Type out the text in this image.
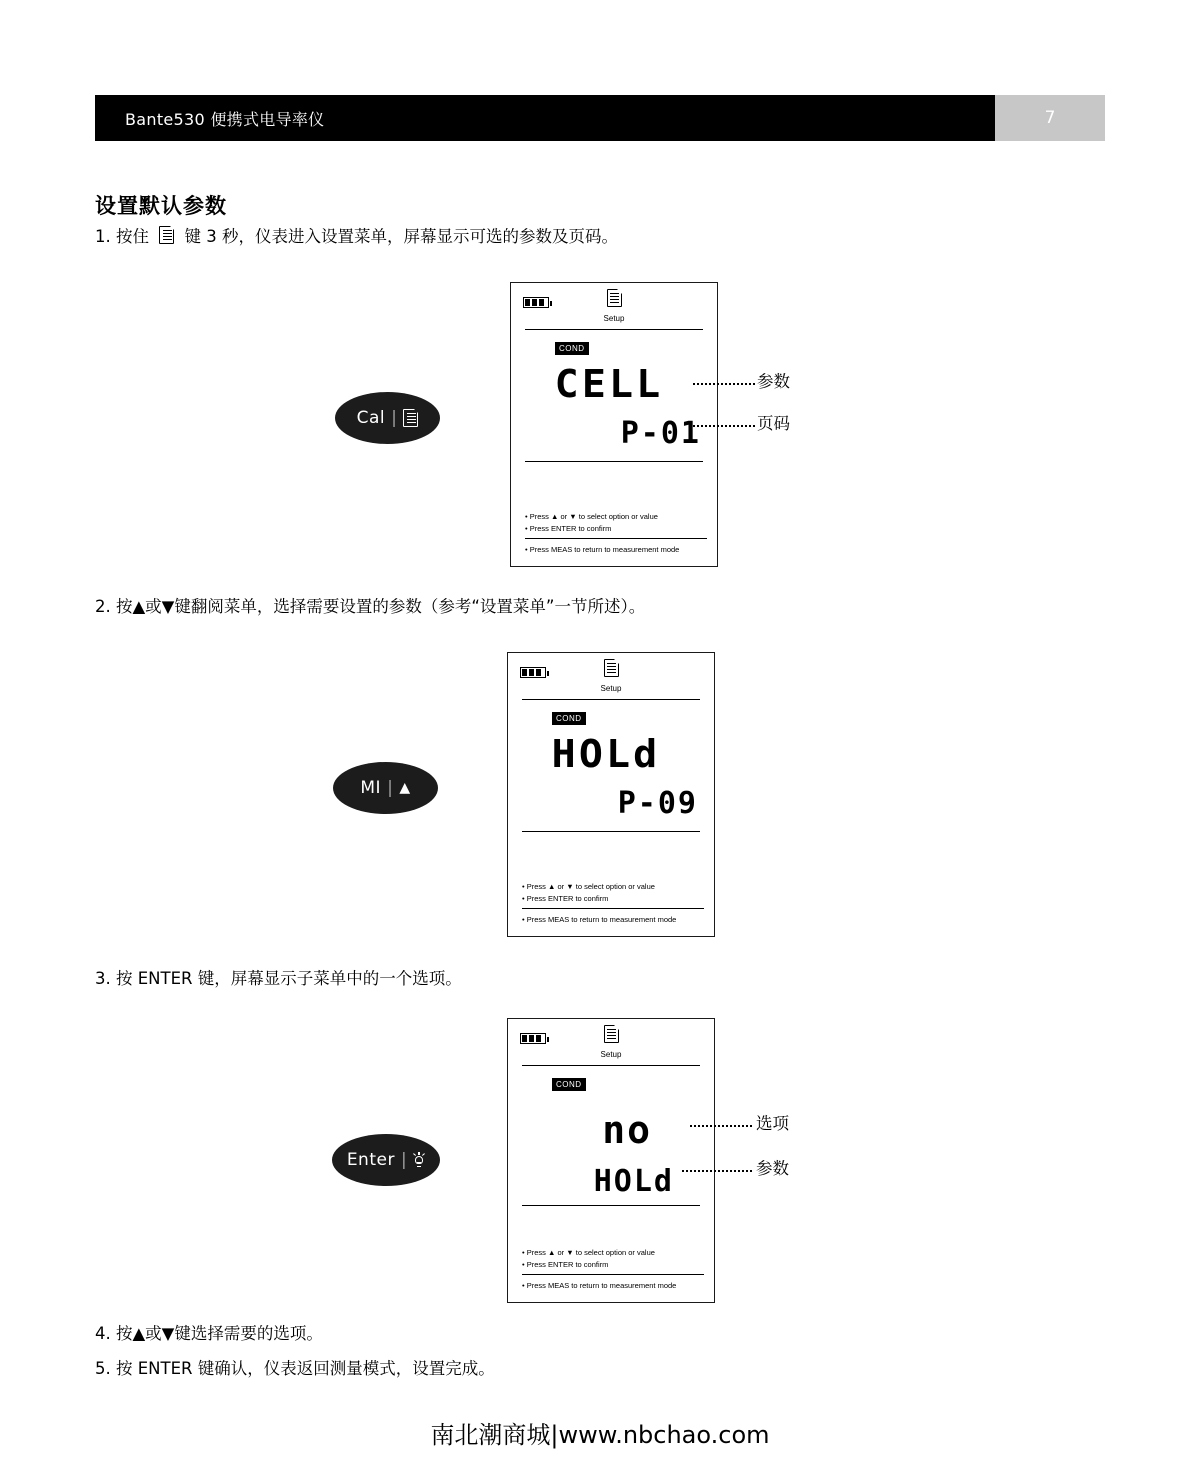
Bante530 便携式电导率仪	7
设置默认参数
1. 按住 键 3 秒，仪表进入设置菜单，屏幕显示可选的参数及页码。
Cal |
Setup
COND
CELL
P-01
• Press ▲ or ▼ to select option or value
• Press ENTER to confirm
• Press MEAS to return to measurement mode
参数
页码
2. 按▲或▼键翻阅菜单，选择需要设置的参数（参考“设置菜单”一节所述）。
MI | ▲
Setup
COND
HOLd
P-09
• Press ▲ or ▼ to select option or value
• Press ENTER to confirm
• Press MEAS to return to measurement mode
3. 按 ENTER 键，屏幕显示子菜单中的一个选项。
Enter |
Setup
COND
no
HOLd
• Press ▲ or ▼ to select option or value
• Press ENTER to confirm
• Press MEAS to return to measurement mode
选项
参数
4. 按▲或▼键选择需要的选项。
5. 按 ENTER 键确认，仪表返回测量模式，设置完成。
南北潮商城|www.nbchao.com
